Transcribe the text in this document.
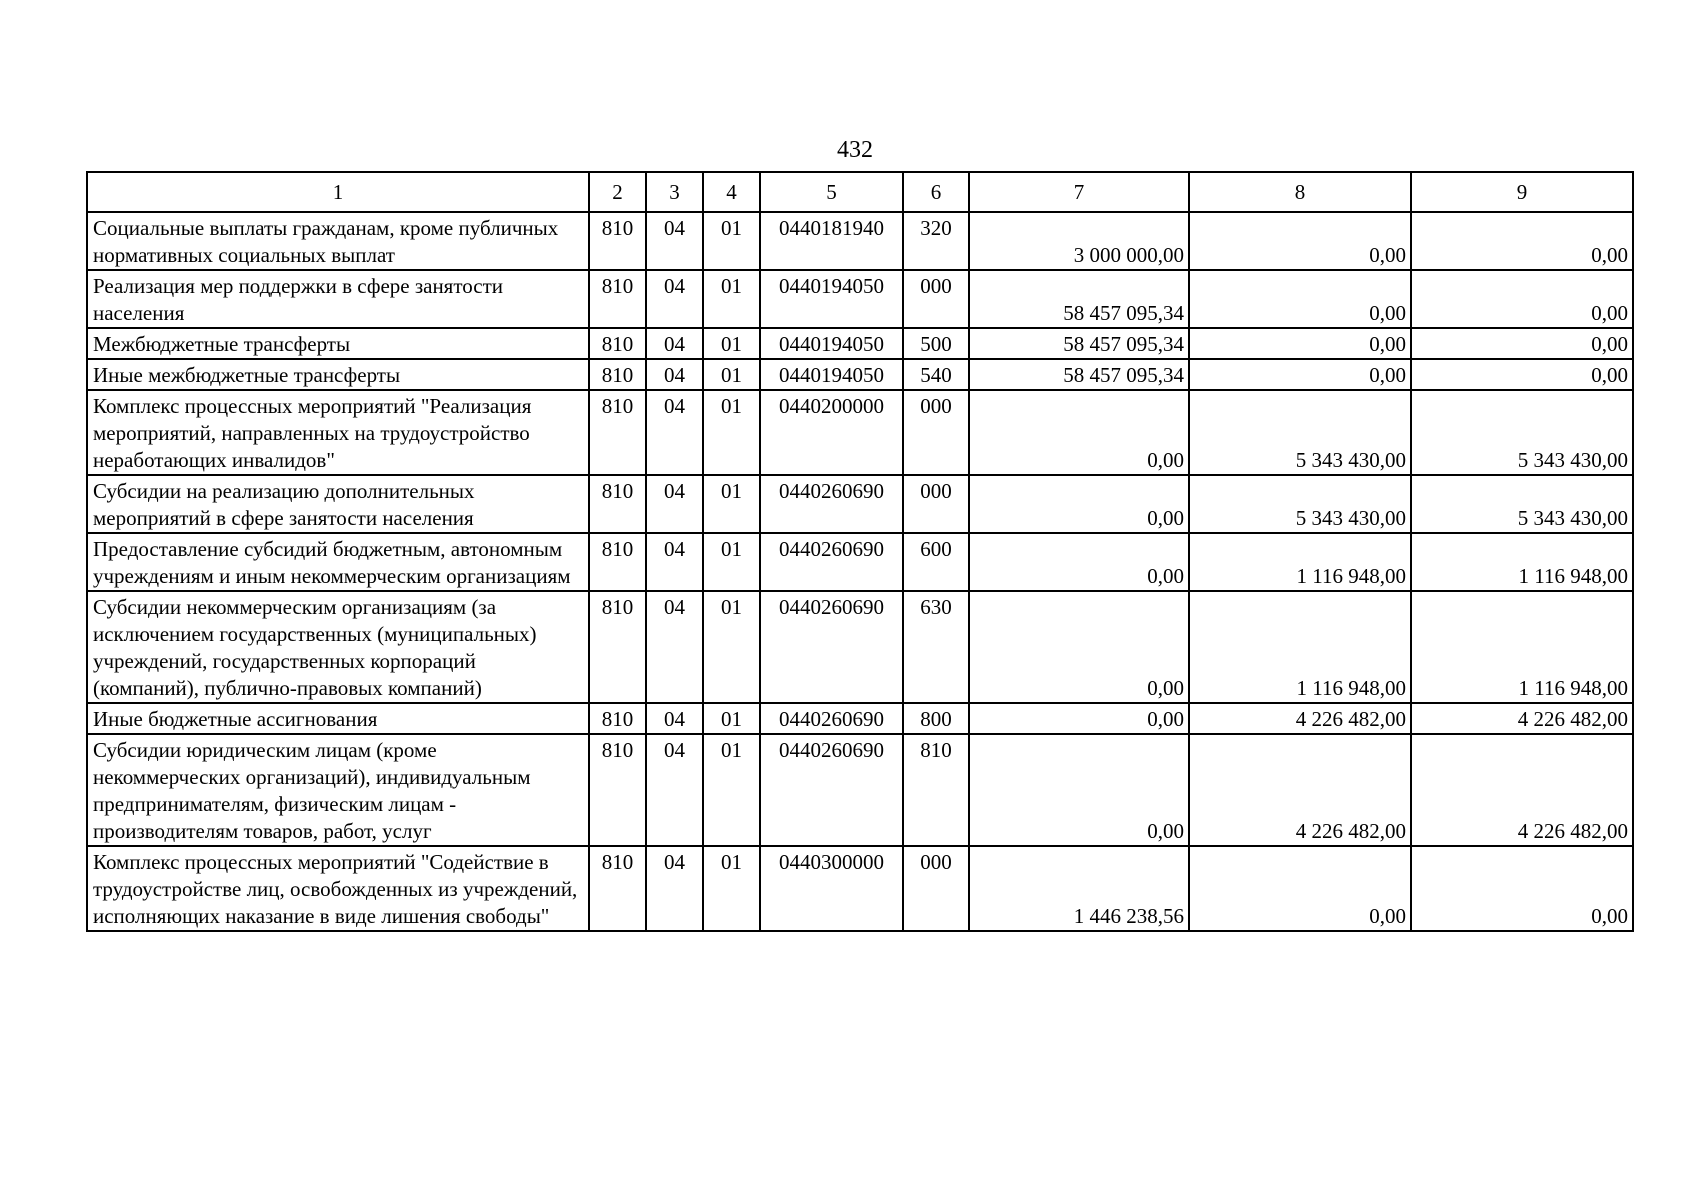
432
1	2	3	4	5	6	7	8	9
Социальные выплаты гражданам, кроме публичных нормативных социальных выплат	810	04	01	0440181940	320	3 000 000,00	0,00	0,00
Реализация мер поддержки в сфере занятости населения	810	04	01	0440194050	000	58 457 095,34	0,00	0,00
Межбюджетные трансферты	810	04	01	0440194050	500	58 457 095,34	0,00	0,00
Иные межбюджетные трансферты	810	04	01	0440194050	540	58 457 095,34	0,00	0,00
Комплекс процессных мероприятий "Реализация мероприятий, направленных на трудоустройство неработающих инвалидов"	810	04	01	0440200000	000	0,00	5 343 430,00	5 343 430,00
Субсидии на реализацию дополнительных мероприятий в сфере занятости населения	810	04	01	0440260690	000	0,00	5 343 430,00	5 343 430,00
Предоставление субсидий бюджетным, автономным учреждениям и иным некоммерческим организациям	810	04	01	0440260690	600	0,00	1 116 948,00	1 116 948,00
Субсидии некоммерческим организациям (за исключением государственных (муниципальных) учреждений, государственных корпораций (компаний), публично-правовых компаний)	810	04	01	0440260690	630	0,00	1 116 948,00	1 116 948,00
Иные бюджетные ассигнования	810	04	01	0440260690	800	0,00	4 226 482,00	4 226 482,00
Субсидии юридическим лицам (кроме некоммерческих организаций), индивидуальным предпринимателям, физическим лицам - производителям товаров, работ, услуг	810	04	01	0440260690	810	0,00	4 226 482,00	4 226 482,00
Комплекс процессных мероприятий "Содействие в трудоустройстве лиц, освобожденных из учреждений, исполняющих наказание в виде лишения свободы"	810	04	01	0440300000	000	1 446 238,56	0,00	0,00
